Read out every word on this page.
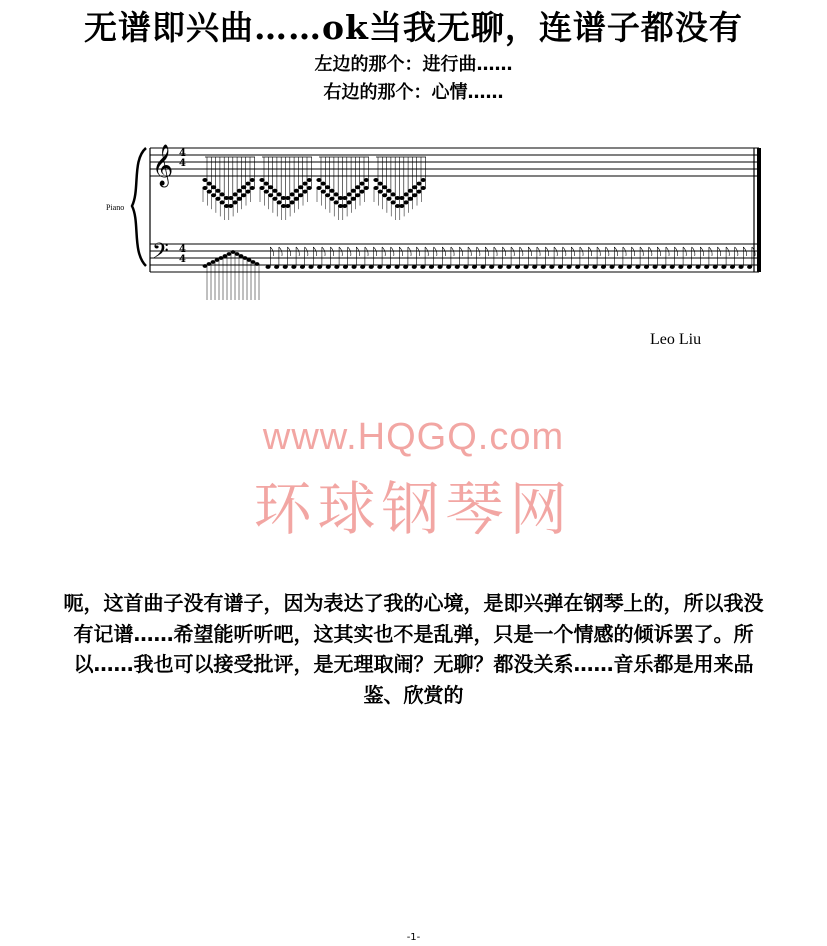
无谱即兴曲……ok当我无聊，连谱子都没有
左边的那个：进行曲……
右边的那个：心情……
𝄞
𝄢
4
4
4
4
Piano
Leo Liu
www.HQGQ.com
环球钢琴网
呃，这首曲子没有谱子，因为表达了我的心境，是即兴弹在钢琴上的，所以我没有记谱……希望能听听吧，这其实也不是乱弹，只是一个情感的倾诉罢了。所以……我也可以接受批评，是无理取闹？无聊？都没关系……音乐都是用来品鉴、欣赏的
-1-
